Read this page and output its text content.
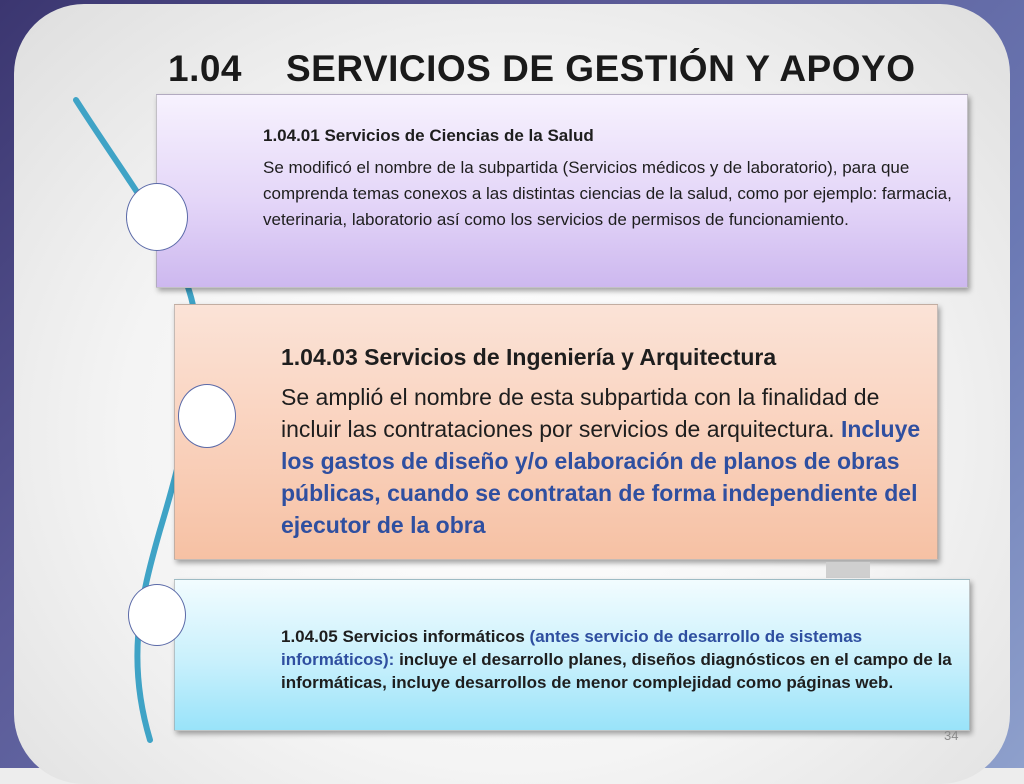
1.04 SERVICIOS DE GESTIÓN Y APOYO
1.04.01 Servicios de Ciencias de la Salud
Se modificó el nombre de la subpartida (Servicios médicos y de laboratorio), para que comprenda temas conexos a las distintas ciencias de la salud, como por ejemplo: farmacia, veterinaria, laboratorio así como los servicios de permisos de funcionamiento.
1.04.03 Servicios de Ingeniería y Arquitectura
Se amplió el nombre de esta subpartida con la finalidad de incluir las contrataciones por servicios de arquitectura. Incluye los gastos de diseño y/o elaboración de planos de obras públicas, cuando se contratan de forma independiente del ejecutor de la obra
1.04.05 Servicios informáticos (antes servicio de desarrollo de sistemas informáticos): incluye el desarrollo planes, diseños diagnósticos en el campo de la informáticas, incluye desarrollos de menor complejidad como páginas web.
34
